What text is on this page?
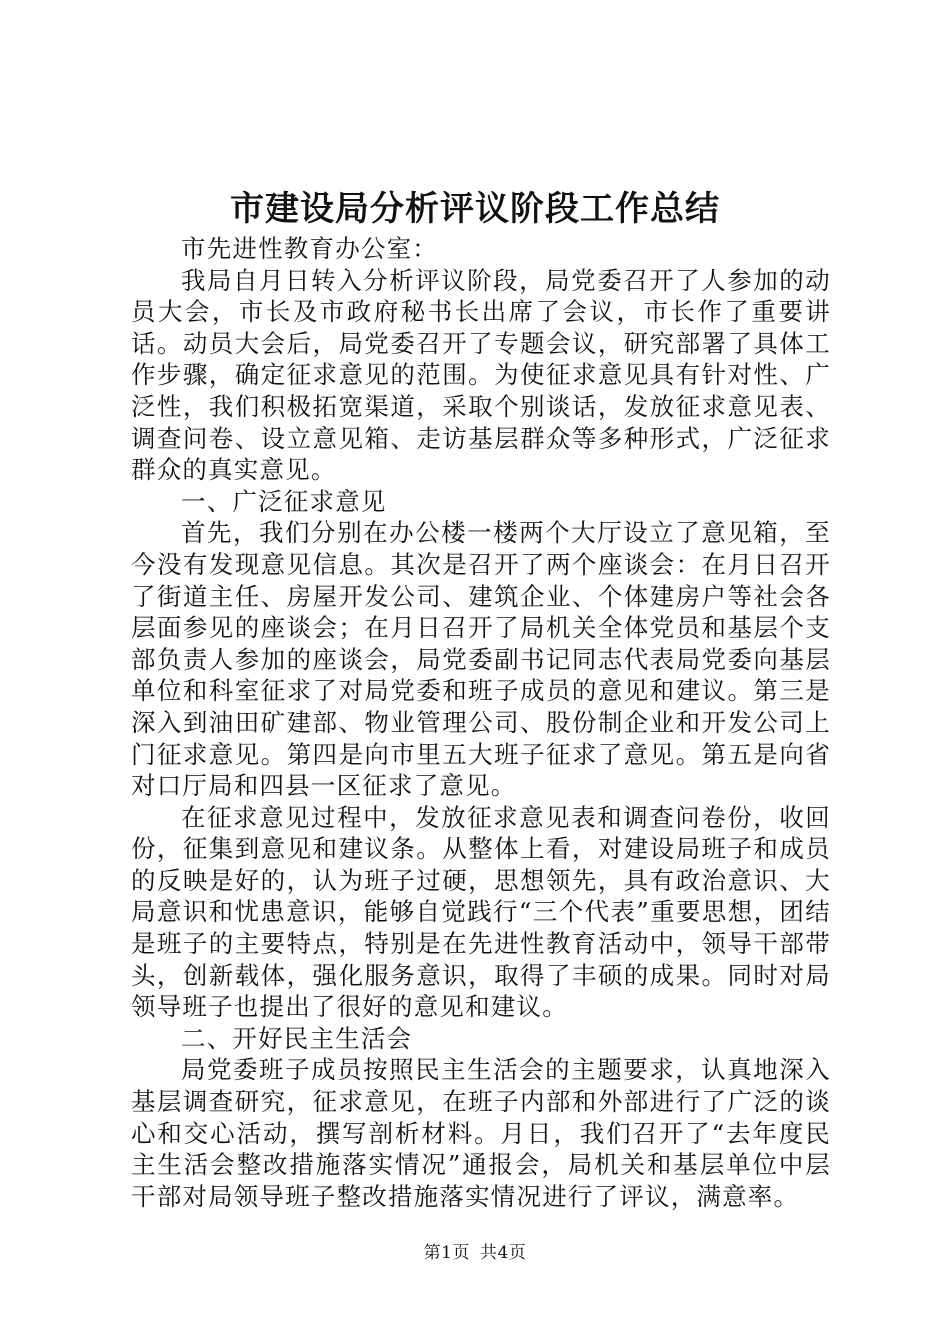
市建设局分析评议阶段工作总结

市先进性教育办公室：

我局自月日转入分析评议阶段，局党委召开了人参加的动员大会，市长及市政府秘书长出席了会议，市长作了重要讲话。动员大会后，局党委召开了专题会议，研究部署了具体工作步骤，确定征求意见的范围。为使征求意见具有针对性、广泛性，我们积极拓宽渠道，采取个别谈话，发放征求意见表、调查问卷、设立意见箱、走访基层群众等多种形式，广泛征求群众的真实意见。

一、广泛征求意见

首先，我们分别在办公楼一楼两个大厅设立了意见箱，至今没有发现意见信息。其次是召开了两个座谈会：在月日召开了街道主任、房屋开发公司、建筑企业、个体建房户等社会各层面参见的座谈会；在月日召开了局机关全体党员和基层个支部负责人参加的座谈会，局党委副书记同志代表局党委向基层单位和科室征求了对局党委和班子成员的意见和建议。第三是深入到油田矿建部、物业管理公司、股份制企业和开发公司上门征求意见。第四是向市里五大班子征求了意见。第五是向省对口厅局和四县一区征求了意见。

在征求意见过程中，发放征求意见表和调查问卷份，收回份，征集到意见和建议条。从整体上看，对建设局班子和成员的反映是好的，认为班子过硬，思想领先，具有政治意识、大局意识和忧患意识，能够自觉践行“三个代表”重要思想，团结是班子的主要特点，特别是在先进性教育活动中，领导干部带头，创新载体，强化服务意识，取得了丰硕的成果。同时对局领导班子也提出了很好的意见和建议。

二、开好民主生活会

局党委班子成员按照民主生活会的主题要求，认真地深入基层调查研究，征求意见，在班子内部和外部进行了广泛的谈心和交心活动，撰写剖析材料。月日，我们召开了“去年度民主生活会整改措施落实情况”通报会，局机关和基层单位中层干部对局领导班子整改措施落实情况进行了评议，满意率。

第1页 共4页
